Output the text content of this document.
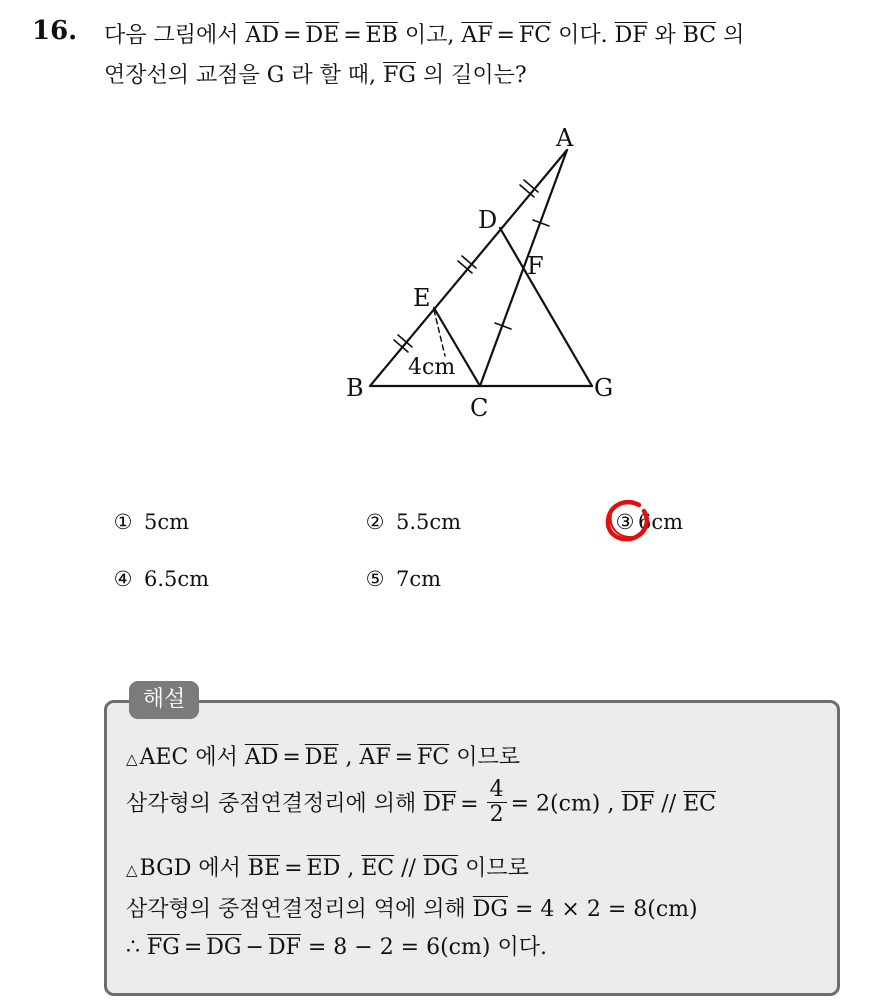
16. 다음 그림에서 $\overline{AD} = \overline{DE} = \overline{EB}$ 이고, $\overline{AF} = \overline{FC}$ 이다. $\overline{DF}$ 와 $\overline{BC}$ 의
연장선의 교점을 G 라 할 때, $\overline{FG}$ 의 길이는?
A
D
F
E
B
C
G
4cm
① 5cm	② 5.5cm	③ 6cm
④ 6.5cm	⑤ 7cm
해설
△AEC 에서 $\overline{AD} = \overline{DE}$ , $\overline{AF} = \overline{FC}$ 이므로
삼각형의 중점연결정리에 의해 $\overline{DF} = \frac{4}{2} = 2(cm)$ , $\overline{DF} // \overline{EC}$
△BGD 에서 $\overline{BE} = \overline{ED}$ , $\overline{EC} // \overline{DG}$ 이므로
삼각형의 중점연결정리의 역에 의해 $\overline{DG} = 4 \times 2 = 8(cm)$
∴ $\overline{FG} = \overline{DG} - \overline{DF} = 8 - 2 = 6(cm)$ 이다.
